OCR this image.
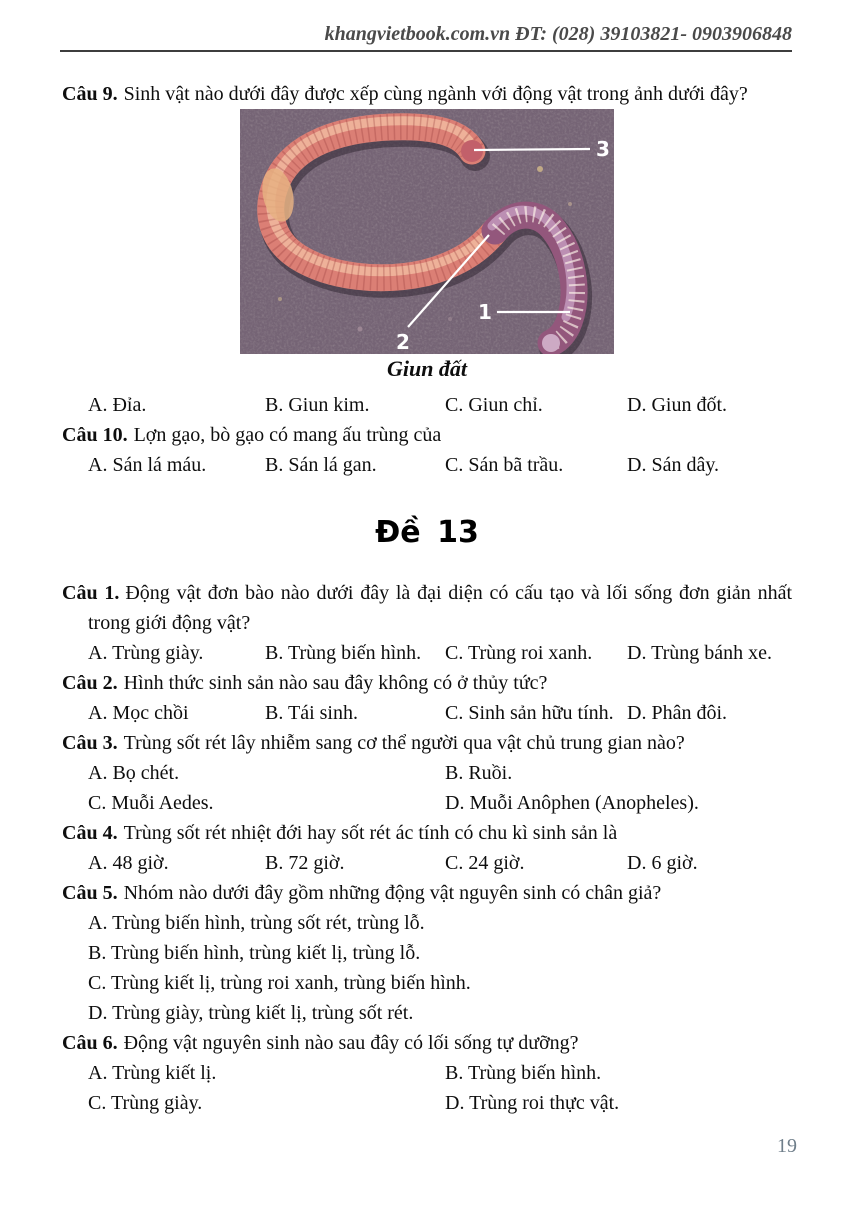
khangvietbook.com.vn ĐT: (028) 39103821- 0903906848

Câu 9. Sinh vật nào dưới đây được xếp cùng ngành với động vật trong ảnh dưới đây?

3
2
1
Giun đất
A. Đỉa.	B. Giun kim.	C. Giun chỉ.	D. Giun đốt.

Câu 10. Lợn gạo, bò gạo có mang ấu trùng của

A. Sán lá máu.	B. Sán lá gan.	C. Sán bã trầu.	D. Sán dây.
Đề 13

Câu 1. Động vật đơn bào nào dưới đây là đại diện có cấu tạo và lối sống đơn giản nhất trong giới động vật?

A. Trùng giày.	B. Trùng biến hình.	C. Trùng roi xanh.	D. Trùng bánh xe.

Câu 2. Hình thức sinh sản nào sau đây không có ở thủy tức?

A. Mọc chồi	B. Tái sinh.	C. Sinh sản hữu tính. D. Phân đôi.

Câu 3. Trùng sốt rét lây nhiễm sang cơ thể người qua vật chủ trung gian nào?

A. Bọ chét.	B. Ruồi.
C. Muỗi Aedes.	D. Muỗi Anôphen (Anopheles).

Câu 4. Trùng sốt rét nhiệt đới hay sốt rét ác tính có chu kì sinh sản là

A. 48 giờ.	B. 72 giờ.	C. 24 giờ.	D. 6 giờ.

Câu 5. Nhóm nào dưới đây gồm những động vật nguyên sinh có chân giả?

A. Trùng biến hình, trùng sốt rét, trùng lỗ.
B. Trùng biến hình, trùng kiết lị, trùng lỗ.
C. Trùng kiết lị, trùng roi xanh, trùng biến hình.
D. Trùng giày, trùng kiết lị, trùng sốt rét.

Câu 6. Động vật nguyên sinh nào sau đây có lối sống tự dưỡng?

A. Trùng kiết lị.	B. Trùng biến hình.
C. Trùng giày.	D. Trùng roi thực vật.
19
